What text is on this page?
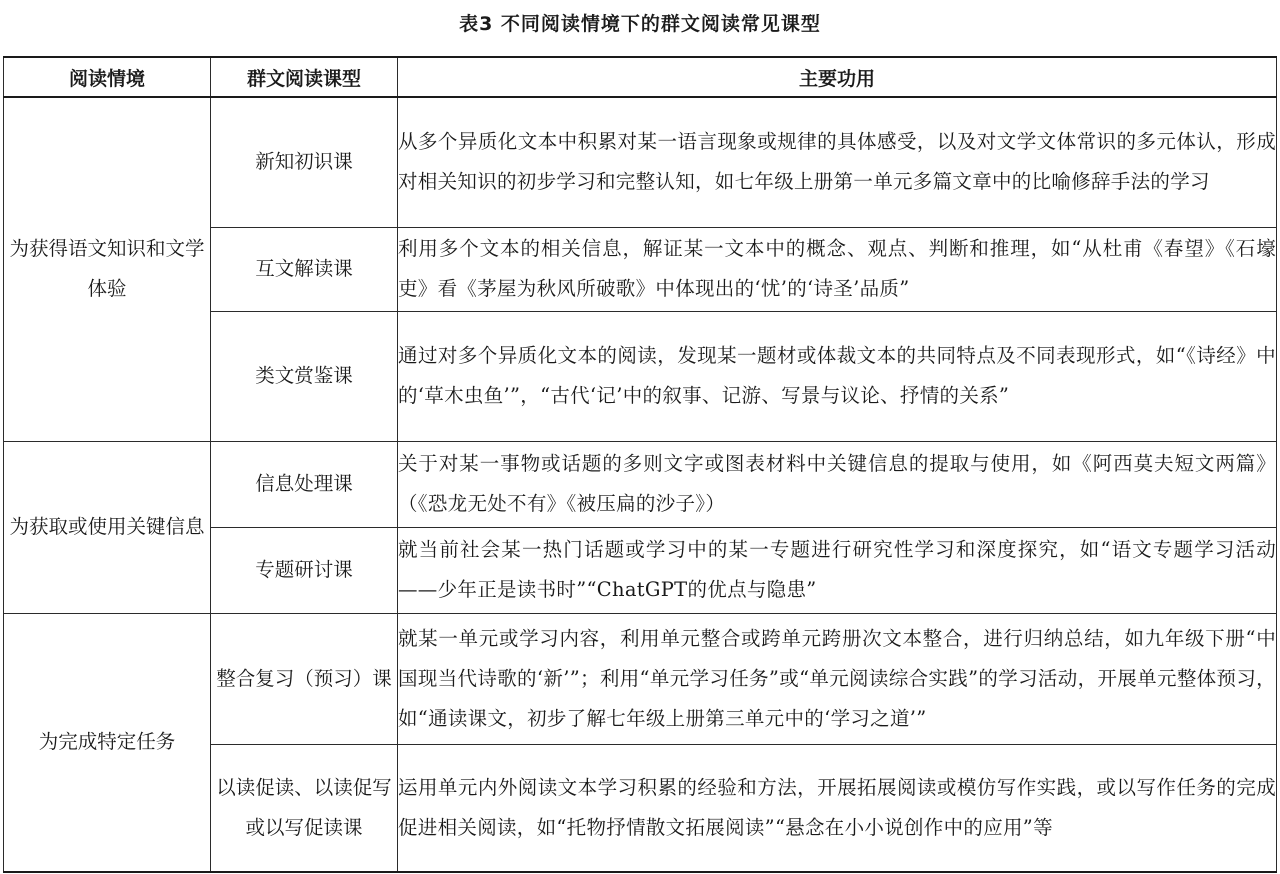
表3 不同阅读情境下的群文阅读常见课型
阅读情境	群文阅读课型	主要功用
为获得语文知识和文学体验	新知初识课	从多个异质化文本中积累对某一语言现象或规律的具体感受，以及对文学文体常识的多元体认，形成对相关知识的初步学习和完整认知，如七年级上册第一单元多篇文章中的比喻修辞手法的学习
	互文解读课	利用多个文本的相关信息，解证某一文本中的概念、观点、判断和推理，如“从杜甫《春望》《石壕吏》看《茅屋为秋风所破歌》中体现出的‘忧’的‘诗圣’品质”
	类文赏鉴课	通过对多个异质化文本的阅读，发现某一题材或体裁文本的共同特点及不同表现形式，如“《诗经》中的‘草木虫鱼’”，“古代‘记’中的叙事、记游、写景与议论、抒情的关系”
为获取或使用关键信息	信息处理课	关于对某一事物或话题的多则文字或图表材料中关键信息的提取与使用，如《阿西莫夫短文两篇》（《恐龙无处不有》《被压扁的沙子》）
	专题研讨课	就当前社会某一热门话题或学习中的某一专题进行研究性学习和深度探究，如“语文专题学习活动——少年正是读书时”“ChatGPT的优点与隐患”
为完成特定任务	整合复习（预习）课	就某一单元或学习内容，利用单元整合或跨单元跨册次文本整合，进行归纳总结，如九年级下册“中国现当代诗歌的‘新’”；利用“单元学习任务”或“单元阅读综合实践”的学习活动，开展单元整体预习，如“通读课文，初步了解七年级上册第三单元中的‘学习之道’”
	以读促读、以读促写或以写促读课	运用单元内外阅读文本学习积累的经验和方法，开展拓展阅读或模仿写作实践，或以写作任务的完成促进相关阅读，如“托物抒情散文拓展阅读”“悬念在小小说创作中的应用”等
